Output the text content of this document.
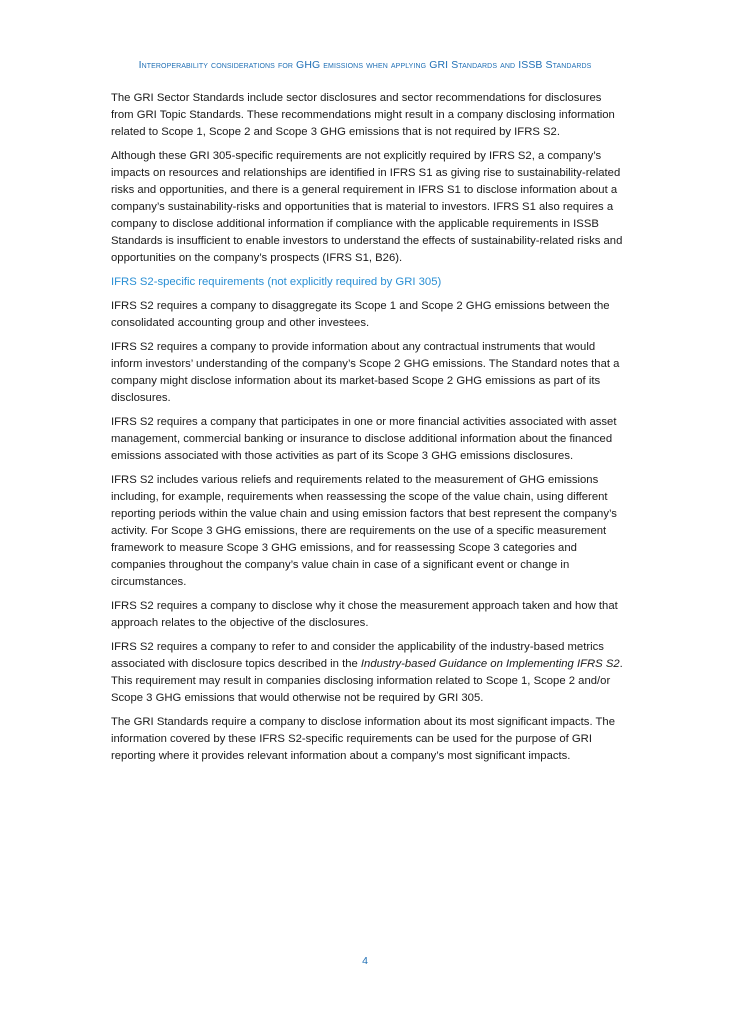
Interoperability considerations for GHG emissions when applying GRI Standards and ISSB Standards

The GRI Sector Standards include sector disclosures and sector recommendations for disclosures from GRI Topic Standards. These recommendations might result in a company disclosing information related to Scope 1, Scope 2 and Scope 3 GHG emissions that is not required by IFRS S2.

Although these GRI 305-specific requirements are not explicitly required by IFRS S2, a company’s impacts on resources and relationships are identified in IFRS S1 as giving rise to sustainability-related risks and opportunities, and there is a general requirement in IFRS S1 to disclose information about a company’s sustainability-risks and opportunities that is material to investors. IFRS S1 also requires a company to disclose additional information if compliance with the applicable requirements in ISSB Standards is insufficient to enable investors to understand the effects of sustainability-related risks and opportunities on the company’s prospects (IFRS S1, B26).

IFRS S2-specific requirements (not explicitly required by GRI 305)

IFRS S2 requires a company to disaggregate its Scope 1 and Scope 2 GHG emissions between the consolidated accounting group and other investees.

IFRS S2 requires a company to provide information about any contractual instruments that would inform investors’ understanding of the company’s Scope 2 GHG emissions. The Standard notes that a company might disclose information about its market-based Scope 2 GHG emissions as part of its disclosures.

IFRS S2 requires a company that participates in one or more financial activities associated with asset management, commercial banking or insurance to disclose additional information about the financed emissions associated with those activities as part of its Scope 3 GHG emissions disclosures.

IFRS S2 includes various reliefs and requirements related to the measurement of GHG emissions including, for example, requirements when reassessing the scope of the value chain, using different reporting periods within the value chain and using emission factors that best represent the company’s activity. For Scope 3 GHG emissions, there are requirements on the use of a specific measurement framework to measure Scope 3 GHG emissions, and for reassessing Scope 3 categories and companies throughout the company’s value chain in case of a significant event or change in circumstances.

IFRS S2 requires a company to disclose why it chose the measurement approach taken and how that approach relates to the objective of the disclosures.

IFRS S2 requires a company to refer to and consider the applicability of the industry-based metrics associated with disclosure topics described in the Industry-based Guidance on Implementing IFRS S2. This requirement may result in companies disclosing information related to Scope 1, Scope 2 and/or Scope 3 GHG emissions that would otherwise not be required by GRI 305.

The GRI Standards require a company to disclose information about its most significant impacts. The information covered by these IFRS S2-specific requirements can be used for the purpose of GRI reporting where it provides relevant information about a company’s most significant impacts.

4
